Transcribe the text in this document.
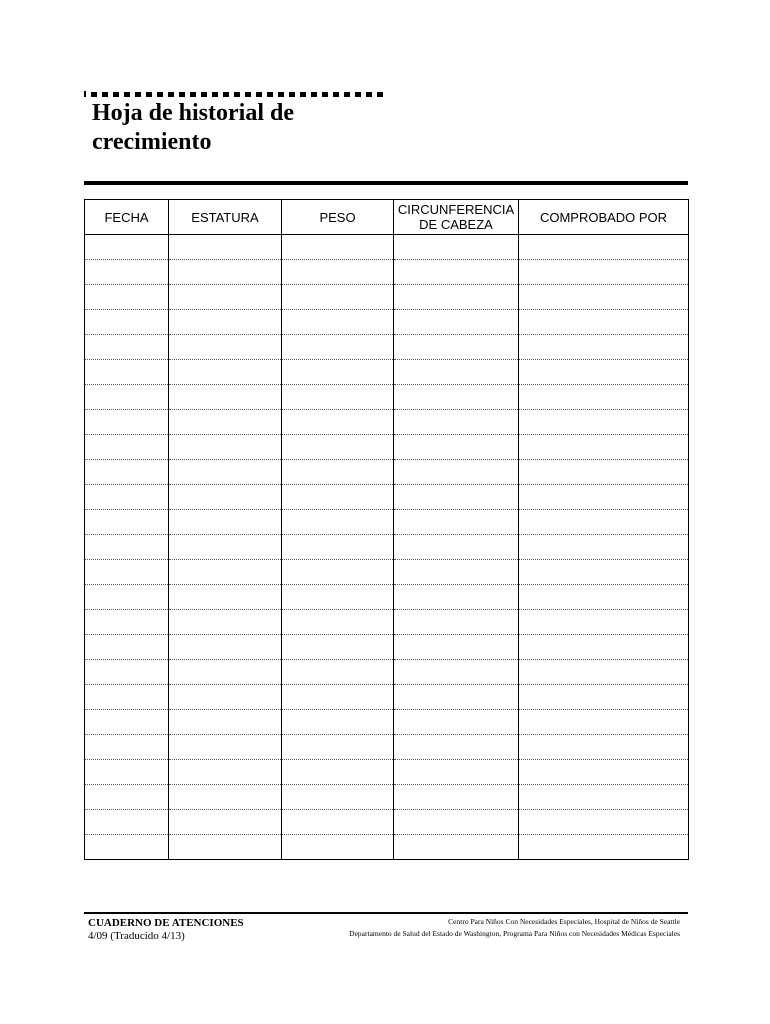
Hoja de historial de crecimiento
FECHA	ESTATURA	PESO	CIRCUNFERENCIA DE CABEZA	COMPROBADO POR

CUADERNO DE ATENCIONES
4/09 (Traducido 4/13)
Centro Para Niños Con Necesidades Especiales, Hospital de Niños de Seattle
Departamento de Salud del Estado de Washington, Programa Para Niños con Necesidades Médicas Especiales
